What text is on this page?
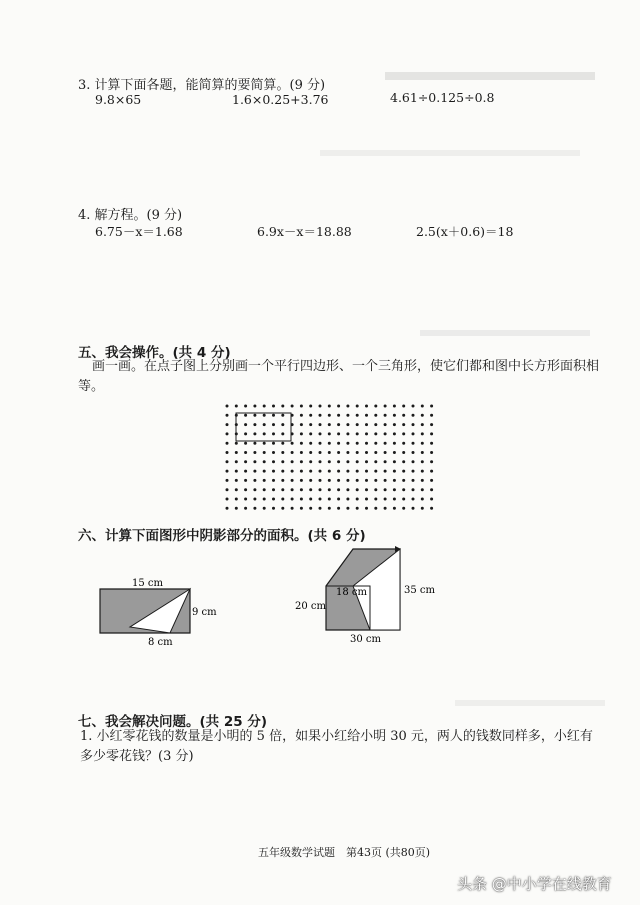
3. 计算下面各题，能简算的要简算。(9 分)
9.8×65	1.6×0.25+3.76	4.61÷0.125÷0.8
4. 解方程。(9 分)
6.75－x＝1.68	6.9x－x＝18.88	2.5(x＋0.6)＝18
五、我会操作。(共 4 分)
画一画。在点子图上分别画一个平行四边形、一个三角形，使它们都和图中长方形面积相等。
六、计算下面图形中阴影部分的面积。(共 6 分)
15 cm
9 cm
8 cm
18 cm
20 cm
30 cm
35 cm
七、我会解决问题。(共 25 分)
1. 小红零花钱的数量是小明的 5 倍，如果小红给小明 30 元，两人的钱数同样多，小红有多少零花钱？(3 分)
五年级数学试题　第43页 (共80页)
头条 @中小学在线教育
